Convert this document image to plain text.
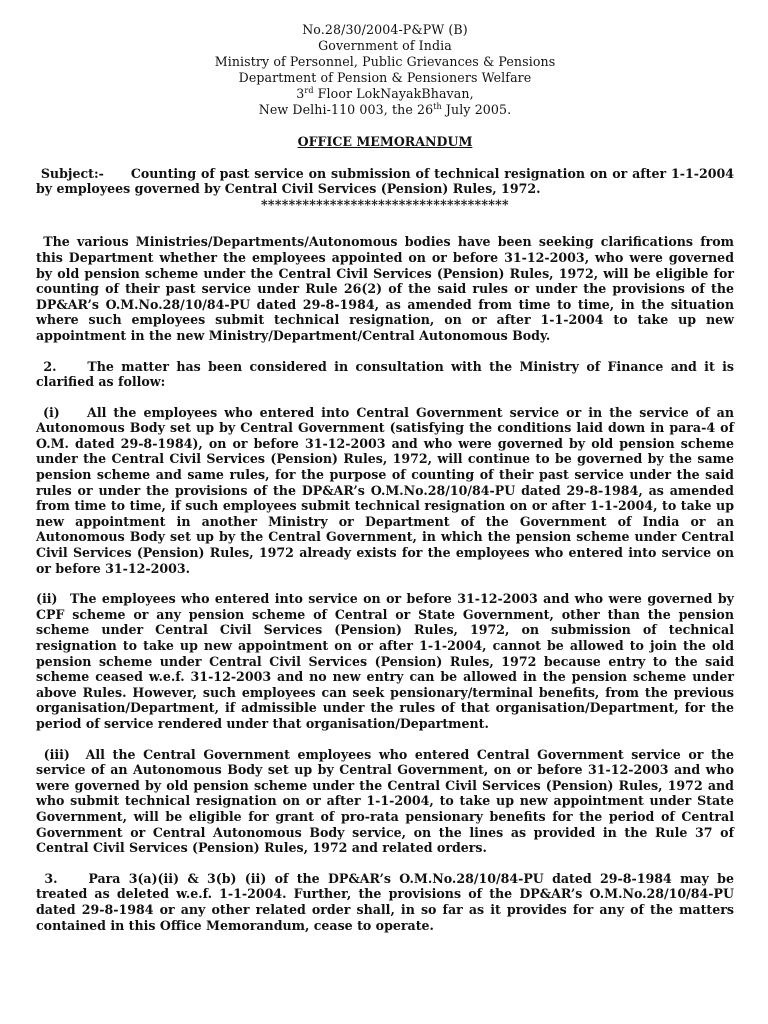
No.28/30/2004-P&PW (B)
Government of India
Ministry of Personnel, Public Grievances & Pensions
Department of Pension & Pensioners Welfare
3rd Floor LokNayakBhavan,
New Delhi-110 003, the 26th July 2005.
OFFICE MEMORANDUM
Subject:- Counting of past service on submission of technical resignation on or after 1-1-2004 by employees governed by Central Civil Services (Pension) Rules, 1972.
************************************
The various Ministries/Departments/Autonomous bodies have been seeking clarifications from this Department whether the employees appointed on or before 31-12-2003, who were governed by old pension scheme under the Central Civil Services (Pension) Rules, 1972, will be eligible for counting of their past service under Rule 26(2) of the said rules or under the provisions of the DP&AR’s O.M.No.28/10/84-PU dated 29-8-1984, as amended from time to time, in the situation where such employees submit technical resignation, on or after 1-1-2004 to take up new appointment in the new Ministry/Department/Central Autonomous Body.
2. The matter has been considered in consultation with the Ministry of Finance and it is clarified as follow:
(i) All the employees who entered into Central Government service or in the service of an Autonomous Body set up by Central Government (satisfying the conditions laid down in para-4 of O.M. dated 29-8-1984), on or before 31-12-2003 and who were governed by old pension scheme under the Central Civil Services (Pension) Rules, 1972, will continue to be governed by the same pension scheme and same rules, for the purpose of counting of their past service under the said rules or under the provisions of the DP&AR’s O.M.No.28/10/84-PU dated 29-8-1984, as amended from time to time, if such employees submit technical resignation on or after 1-1-2004, to take up new appointment in another Ministry or Department of the Government of India or an Autonomous Body set up by the Central Government, in which the pension scheme under Central Civil Services (Pension) Rules, 1972 already exists for the employees who entered into service on or before 31-12-2003.
(ii) The employees who entered into service on or before 31-12-2003 and who were governed by CPF scheme or any pension scheme of Central or State Government, other than the pension scheme under Central Civil Services (Pension) Rules, 1972, on submission of technical resignation to take up new appointment on or after 1-1-2004, cannot be allowed to join the old pension scheme under Central Civil Services (Pension) Rules, 1972 because entry to the said scheme ceased w.e.f. 31-12-2003 and no new entry can be allowed in the pension scheme under above Rules. However, such employees can seek pensionary/terminal benefits, from the previous organisation/Department, if admissible under the rules of that organisation/Department, for the period of service rendered under that organisation/Department.
(iii) All the Central Government employees who entered Central Government service or the service of an Autonomous Body set up by Central Government, on or before 31-12-2003 and who were governed by old pension scheme under the Central Civil Services (Pension) Rules, 1972 and who submit technical resignation on or after 1-1-2004, to take up new appointment under State Government, will be eligible for grant of pro-rata pensionary benefits for the period of Central Government or Central Autonomous Body service, on the lines as provided in the Rule 37 of Central Civil Services (Pension) Rules, 1972 and related orders.
3. Para 3(a)(ii) & 3(b) (ii) of the DP&AR’s O.M.No.28/10/84-PU dated 29-8-1984 may be treated as deleted w.e.f. 1-1-2004. Further, the provisions of the DP&AR’s O.M.No.28/10/84-PU dated 29-8-1984 or any other related order shall, in so far as it provides for any of the matters contained in this Office Memorandum, cease to operate.
